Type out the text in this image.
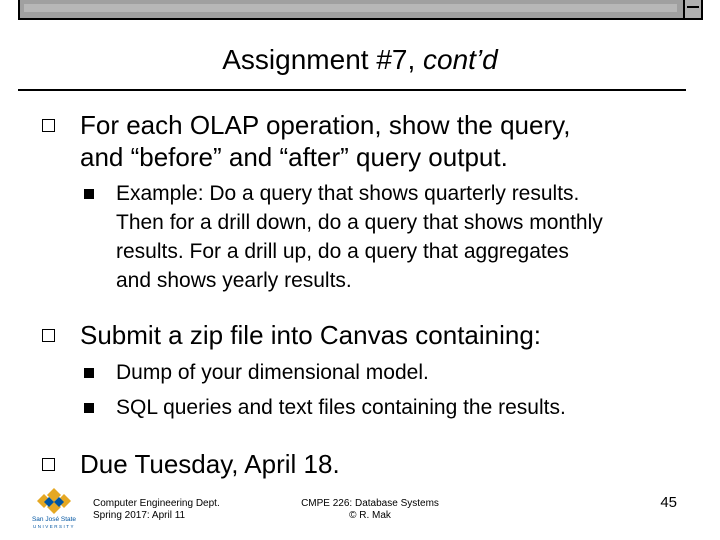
Assignment #7, cont’d
For each OLAP operation, show the query,
and “before” and “after” query output.
Example: Do a query that shows quarterly results.
Then for a drill down, do a query that shows monthly
results. For a drill up, do a query that aggregates
and shows yearly results.
Submit a zip file into Canvas containing:
Dump of your dimensional model.
SQL queries and text files containing the results.
Due Tuesday, April 18.
San José State
UNIVERSITY
Computer Engineering Dept.
Spring 2017: April 11
CMPE 226: Database Systems
© R. Mak
45
